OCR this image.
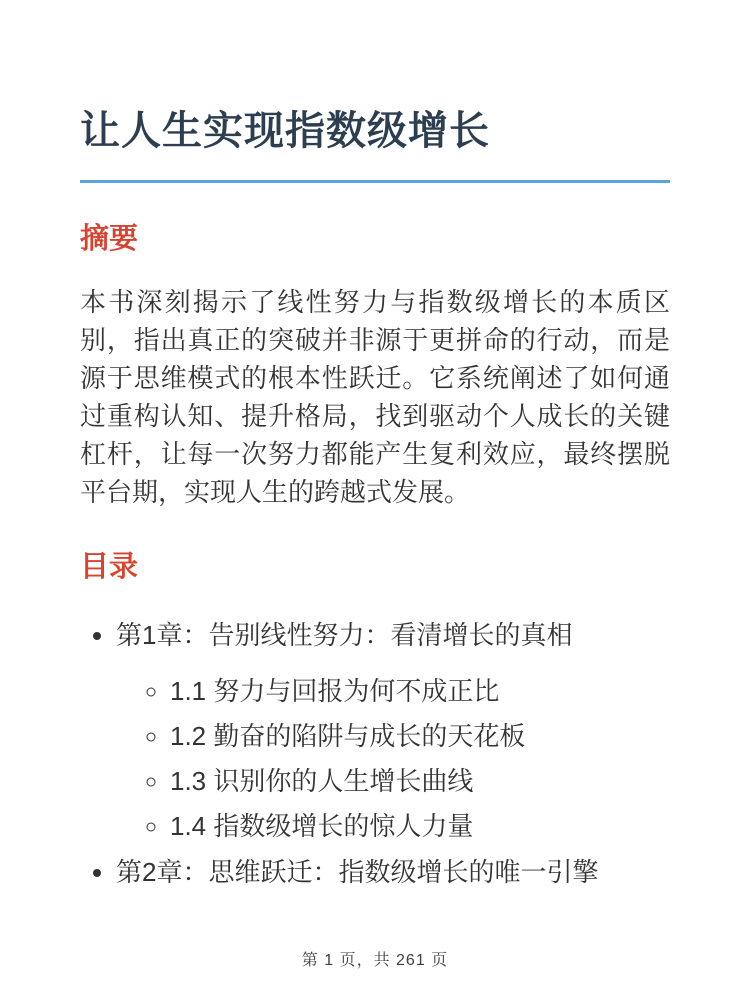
让人生实现指数级增长
摘要

本书深刻揭示了线性努力与指数级增长的本质区别，指出真正的突破并非源于更拼命的行动，而是源于思维模式的根本性跃迁。它系统阐述了如何通过重构认知、提升格局，找到驱动个人成长的关键杠杆，让每一次努力都能产生复利效应，最终摆脱平台期，实现人生的跨越式发展。

目录
• 第1章：告别线性努力：看清增长的真相
◦ 1.1 努力与回报为何不成正比
◦ 1.2 勤奋的陷阱与成长的天花板
◦ 1.3 识别你的人生增长曲线
◦ 1.4 指数级增长的惊人力量
• 第2章：思维跃迁：指数级增长的唯一引擎
第 1 页，共 261 页
